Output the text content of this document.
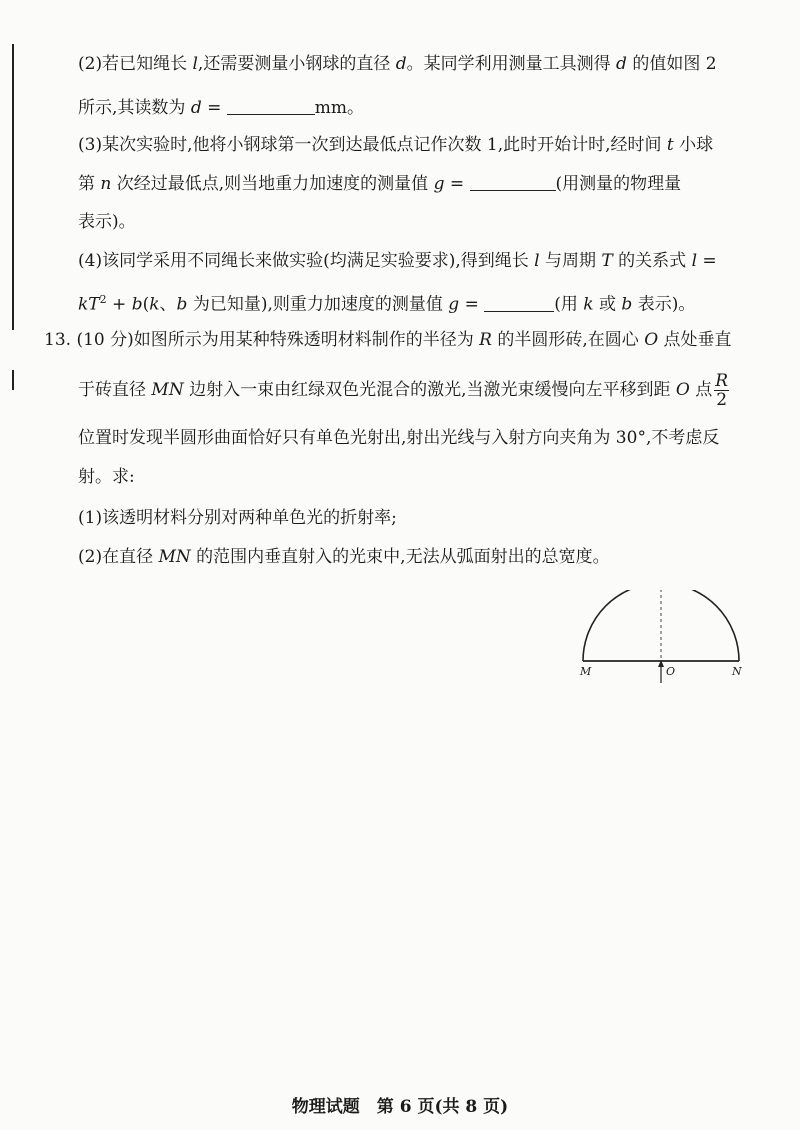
(2)若已知绳长 l,还需要测量小钢球的直径 d。某同学利用测量工具测得 d 的值如图 2
所示,其读数为 d =	mm。
(3)某次实验时,他将小钢球第一次到达最低点记作次数 1,此时开始计时,经时间 t 小球
第 n 次经过最低点,则当地重力加速度的测量值 g =	(用测量的物理量
表示)。
(4)该同学采用不同绳长来做实验(均满足实验要求),得到绳长 l 与周期 T 的关系式 l =
$kT^2 + b(k$、b 为已知量),则重力加速度的测量值 g =	(用 k 或 b 表示)。
13. (10 分)如图所示为用某种特殊透明材料制作的半径为 R 的半圆形砖,在圆心 O 点处垂直
于砖直径 MN 边射入一束由红绿双色光混合的激光,当激光束缓慢向左平移到距 O 点 $\frac{R}{2}$
位置时发现半圆形曲面恰好只有单色光射出,射出光线与入射方向夹角为 30°,不考虑反
射。求:
(1)该透明材料分别对两种单色光的折射率;
(2)在直径 MN 的范围内垂直射入的光束中,无法从弧面射出的总宽度。
M	O	N
物理试题　第 6 页(共 8 页)
